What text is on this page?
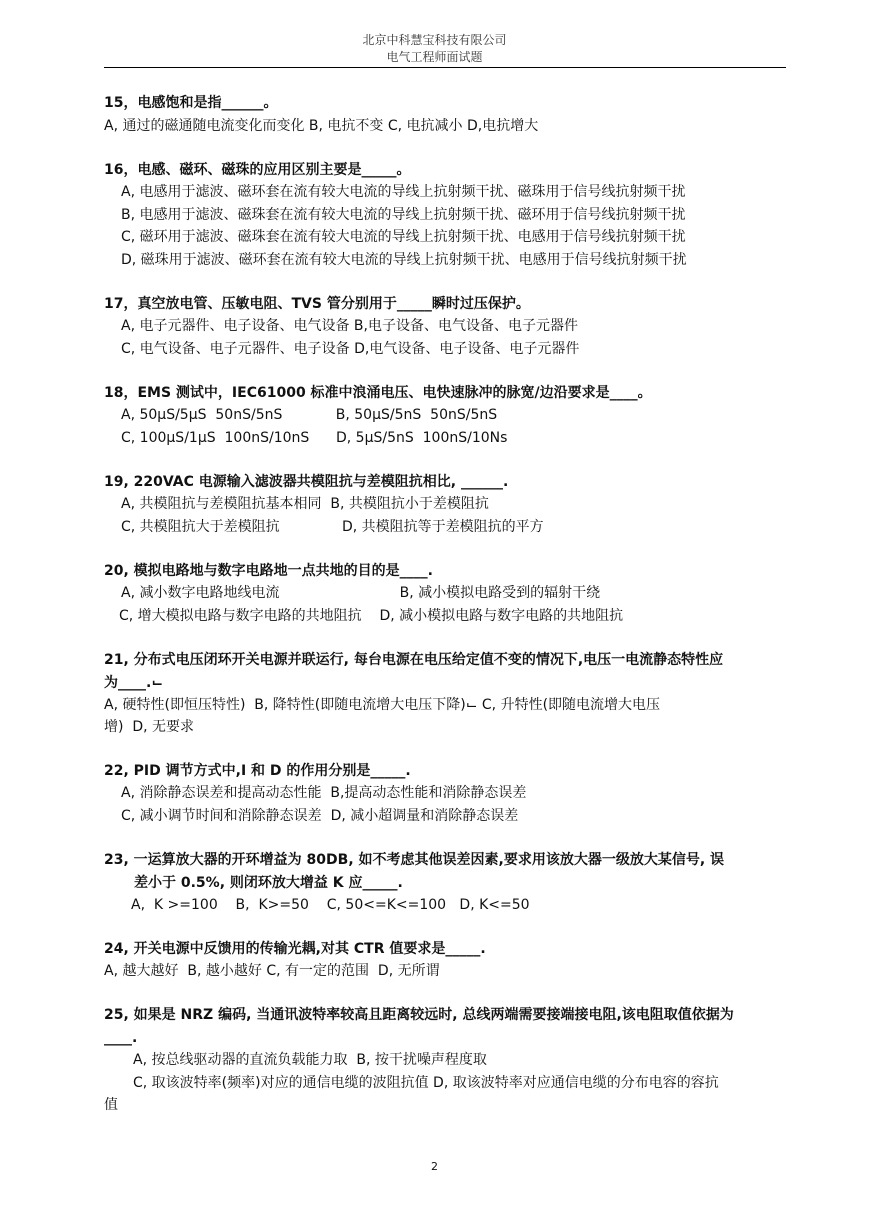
北京中科慧宝科技有限公司
电气工程师面试题
15，电感饱和是指______。
A, 通过的磁通随电流变化而变化 B, 电抗不变 C, 电抗减小 D,电抗增大
16，电感、磁环、磁珠的应用区别主要是_____。
A, 电感用于滤波、磁环套在流有较大电流的导线上抗射频干扰、磁珠用于信号线抗射频干扰
B, 电感用于滤波、磁珠套在流有较大电流的导线上抗射频干扰、磁环用于信号线抗射频干扰
C, 磁环用于滤波、磁珠套在流有较大电流的导线上抗射频干扰、电感用于信号线抗射频干扰
D, 磁珠用于滤波、磁环套在流有较大电流的导线上抗射频干扰、电感用于信号线抗射频干扰
17，真空放电管、压敏电阻、TVS 管分别用于_____瞬时过压保护。
A, 电子元器件、电子设备、电气设备 B,电子设备、电气设备、电子元器件
C, 电气设备、电子元器件、电子设备 D,电气设备、电子设备、电子元器件
18，EMS 测试中，IEC61000 标准中浪涌电压、电快速脉冲的脉宽/边沿要求是____。
A, 50μS/5μS  50nS/5nS            B, 50μS/5nS  50nS/5nS
C, 100μS/1μS  100nS/10nS      D, 5μS/5nS  100nS/10Ns
19, 220VAC 电源输入滤波器共模阻抗与差模阻抗相比, ______.
A, 共模阻抗与差模阻抗基本相同  B, 共模阻抗小于差模阻抗
C, 共模阻抗大于差模阻抗              D, 共模阻抗等于差模阻抗的平方
20, 模拟电路地与数字电路地一点共地的目的是____.
A, 减小数字电路地线电流                           B, 减小模拟电路受到的辐射干绕
C, 增大模拟电路与数字电路的共地阻抗    D, 减小模拟电路与数字电路的共地阻抗
21, 分布式电压闭环开关电源并联运行, 每台电源在电压给定值不变的情况下,电压一电流静态特性应
为____.⌙
A, 硬特性(即恒压特性)  B, 降特性(即随电流增大电压下降)⌙ C, 升特性(即随电流增大电压
增)  D, 无要求
22, PID 调节方式中,I 和 D 的作用分别是_____.
A, 消除静态误差和提高动态性能  B,提高动态性能和消除静态误差
C, 减小调节时间和消除静态误差  D, 减小超调量和消除静态误差
23, 一运算放大器的开环增益为 80DB, 如不考虑其他误差因素,要求用该放大器一级放大某信号, 误
差小于 0.5%, 则闭环放大增益 K 应_____.
A,  K >=100    B,  K>=50    C, 50<=K<=100   D, K<=50
24, 开关电源中反馈用的传输光耦,对其 CTR 值要求是_____.
A, 越大越好  B, 越小越好 C, 有一定的范围  D, 无所谓
25, 如果是 NRZ 编码, 当通讯波特率较高且距离较远时, 总线两端需要接端接电阻,该电阻取值依据为
____.
A, 按总线驱动器的直流负载能力取  B, 按干扰噪声程度取
C, 取该波特率(频率)对应的通信电缆的波阻抗值 D, 取该波特率对应通信电缆的分布电容的容抗
值
2
